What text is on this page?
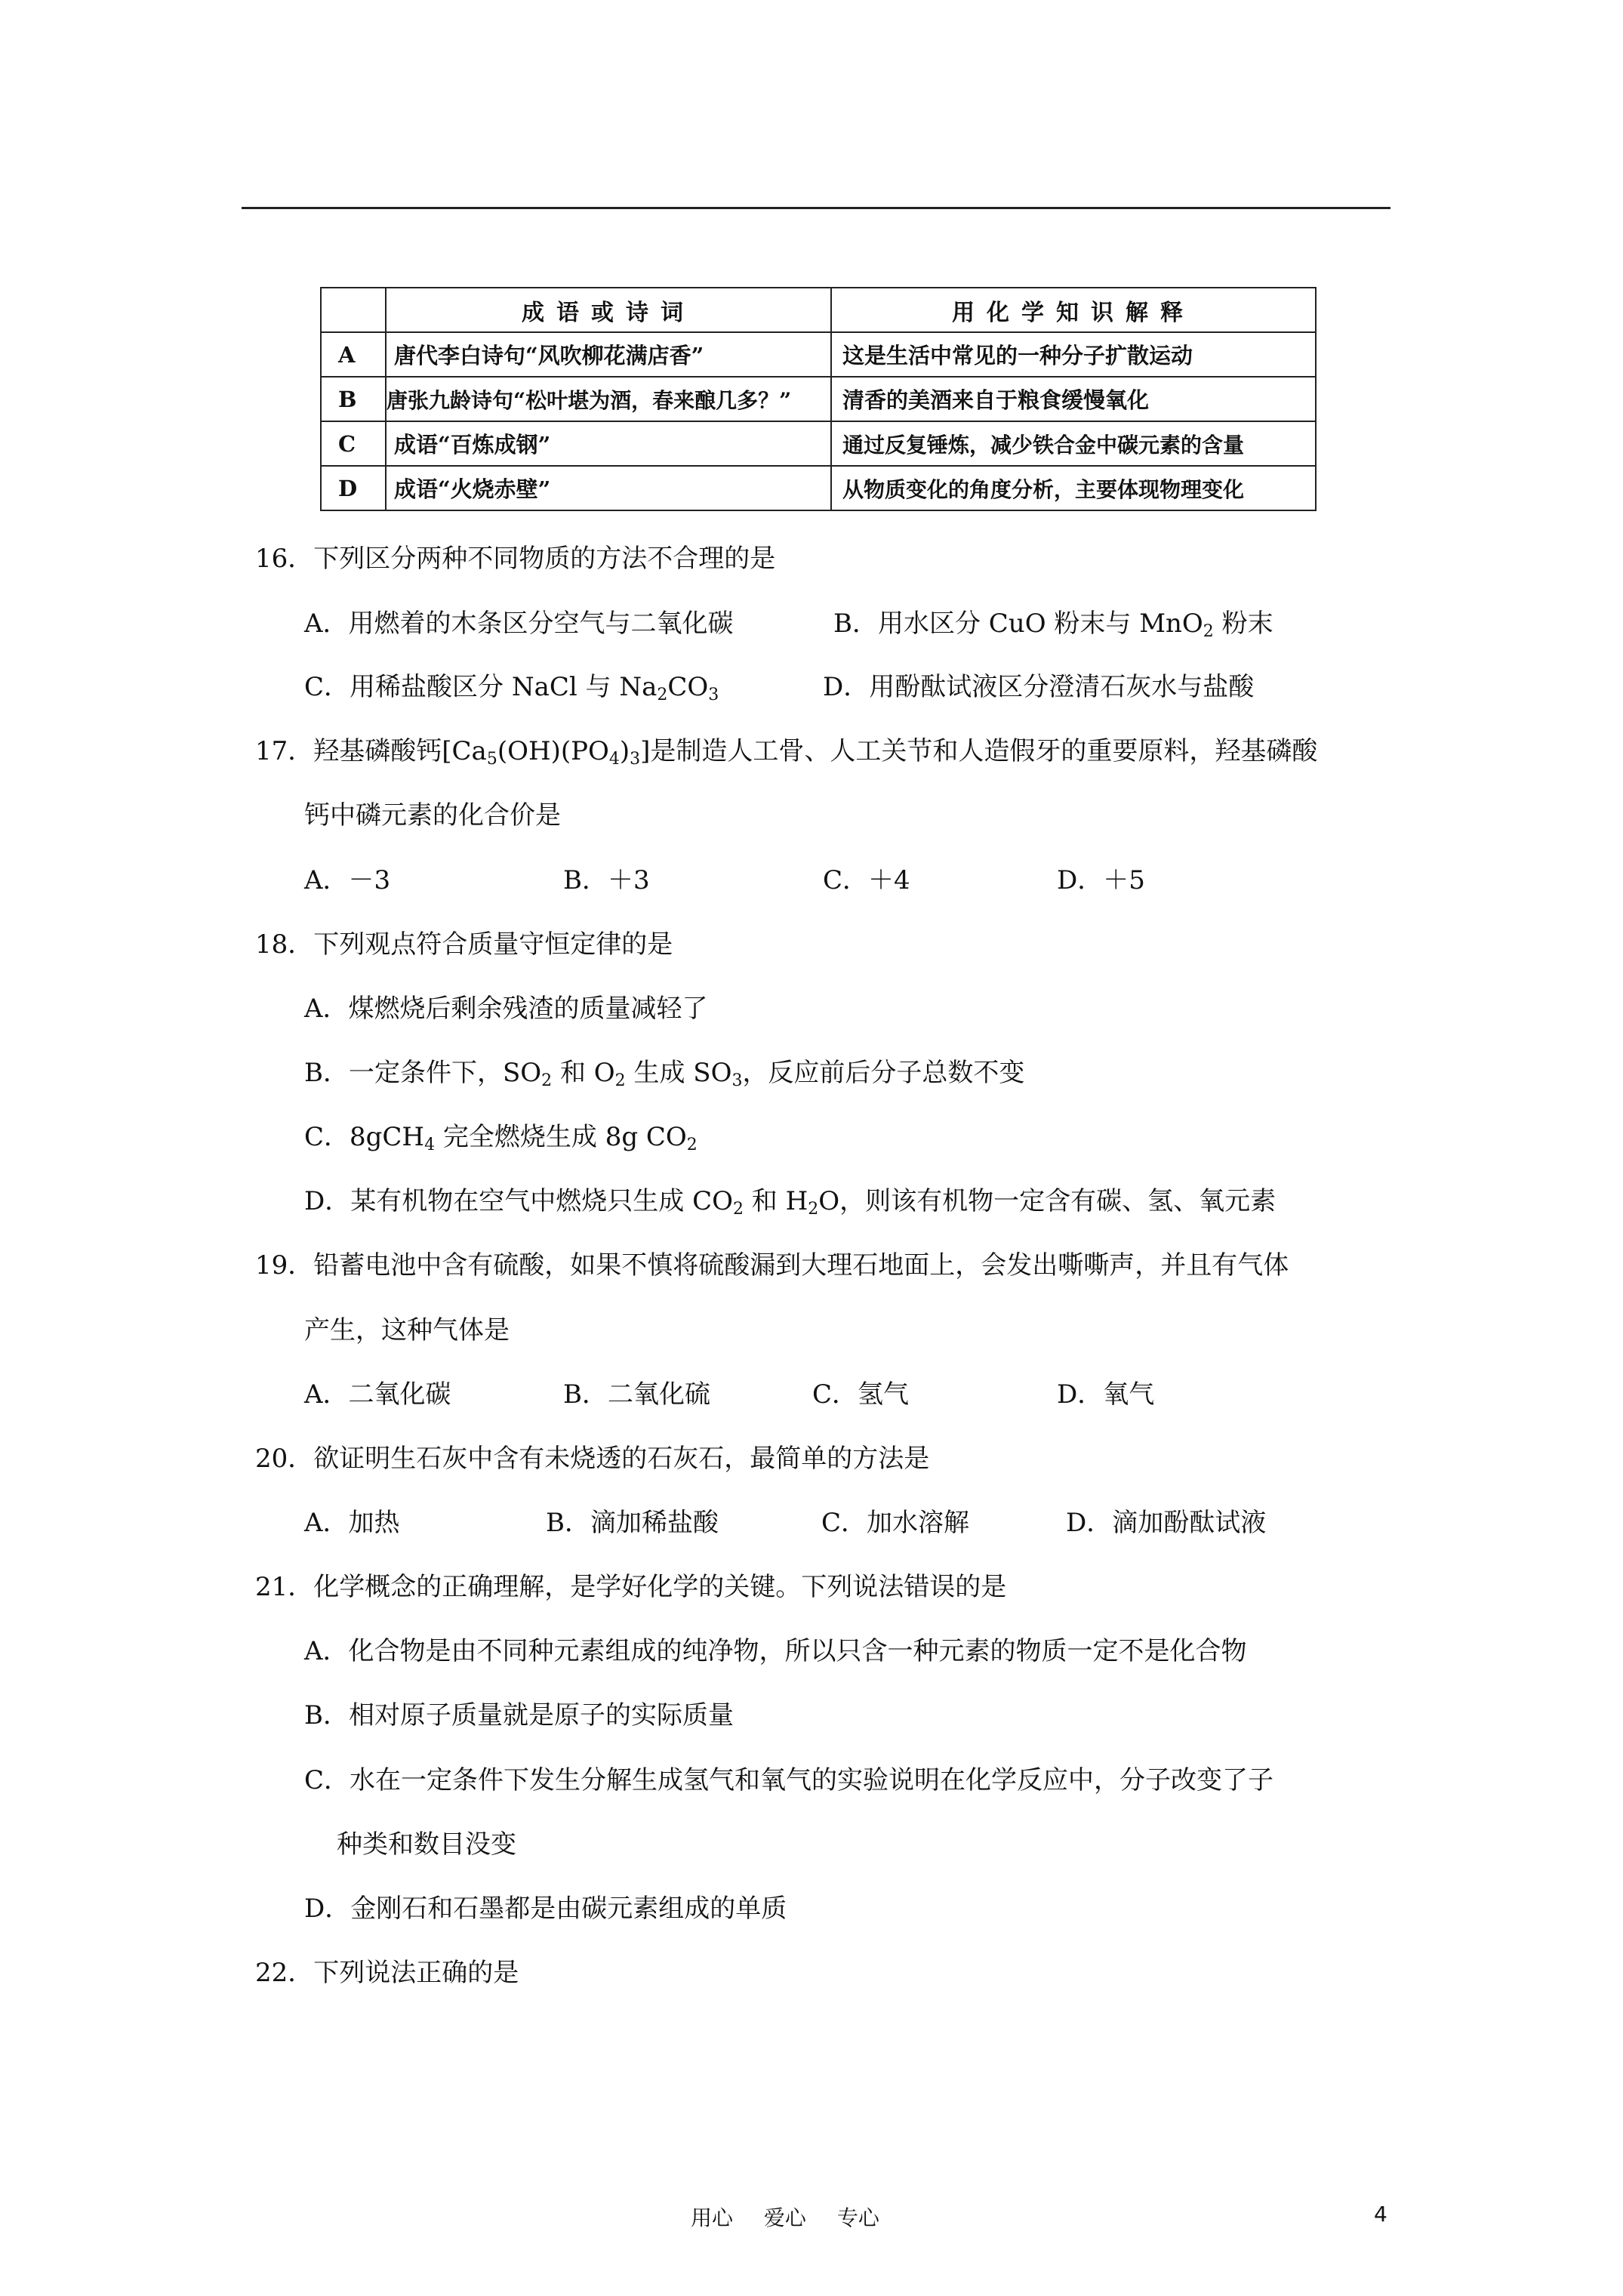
	成语或诗词	用化学知识解释
A	唐代李白诗句“风吹柳花满店香”	这是生活中常见的一种分子扩散运动
B	唐张九龄诗句“松叶堪为酒，春来酿几多？”	清香的美酒来自于粮食缓慢氧化
C	成语“百炼成钢”	通过反复锤炼，减少铁合金中碳元素的含量
D	成语“火烧赤壁”	从物质变化的角度分析，主要体现物理变化
16．下列区分两种不同物质的方法不合理的是
A．用燃着的木条区分空气与二氧化碳	B．用水区分 CuO 粉末与 MnO$_2$ 粉末
C．用稀盐酸区分 NaCl 与 $Na_2CO_3$	D．用酚酞试液区分澄清石灰水与盐酸
17．羟基磷酸钙$[Ca_5(OH)(PO_4)_3]$是制造人工骨、人工关节和人造假牙的重要原料，羟基磷酸
钙中磷元素的化合价是
A．－3	B．＋3	C．＋4	D．＋5
18．下列观点符合质量守恒定律的是
A．煤燃烧后剩余残渣的质量减轻了
B．一定条件下，$SO_2$ 和 $O_2$ 生成 $SO_3$，反应前后分子总数不变
C．8gCH$_4$ 完全燃烧生成 8g $CO_2$
D．某有机物在空气中燃烧只生成 $CO_2$ 和 $H_2O$，则该有机物一定含有碳、氢、氧元素
19．铅蓄电池中含有硫酸，如果不慎将硫酸漏到大理石地面上，会发出嘶嘶声，并且有气体
产生，这种气体是
A．二氧化碳	B．二氧化硫	C．氢气	D．氧气
20．欲证明生石灰中含有未烧透的石灰石，最简单的方法是
A．加热	B．滴加稀盐酸	C．加水溶解	D．滴加酚酞试液
21．化学概念的正确理解，是学好化学的关键。下列说法错误的是
A．化合物是由不同种元素组成的纯净物，所以只含一种元素的物质一定不是化合物
B．相对原子质量就是原子的实际质量
C．水在一定条件下发生分解生成氢气和氧气的实验说明在化学反应中，分子改变了子
种类和数目没变
D．金刚石和石墨都是由碳元素组成的单质
22．下列说法正确的是
用心 爱心 专心	4
